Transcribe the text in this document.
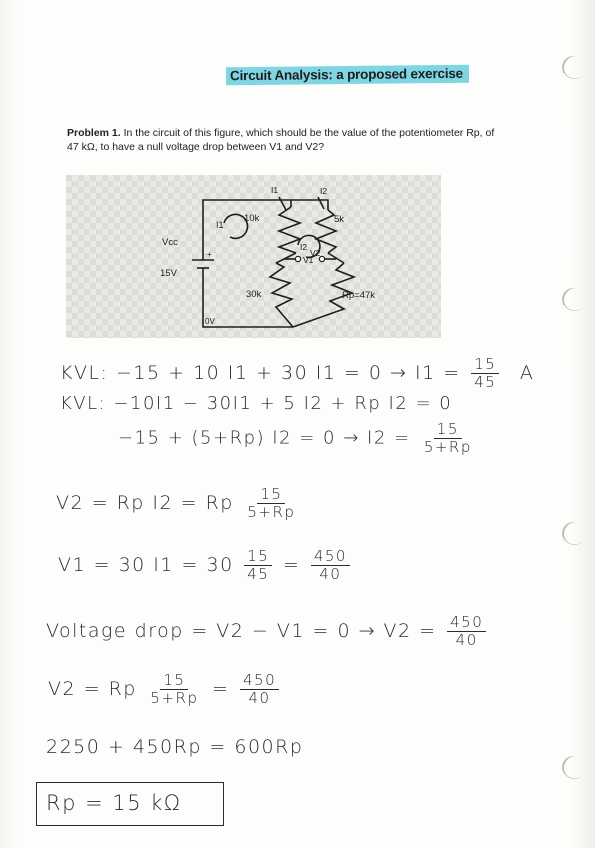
Circuit Analysis: a proposed exercise
Problem 1. In the circuit of this figure, which should be the value of the potentiometer Rp, of 47 kΩ, to have a null voltage drop between V1 and V2?
10k	5k
30k	Rp=47k
Vcc
15V
0V
V1
V2
I1	I2
I1
I2
+
KVL: −15 + 10 I1 + 30 $I1 = 0 \to I1 = \frac{15}{45}$ A
KVL: −10I1 − 30I1 + 5 I2 + Rp I2 = 0
−15 + (5+Rp) $I2 = 0 \to I2 = \frac{15}{5+Rp}$
V2 = Rp I2 = Rp $\frac{15}{5+Rp}$
V1 = 30 $I1 = 30 \frac{15}{45} = \frac{450}{40}$
Voltage drop = $V2 - V1 = 0 \to V2 = \frac{450}{40}$
V2 = Rp $\frac{15}{5+Rp} = \frac{450}{40}$
2250 + 450Rp = 600Rp
Rp = 15 kΩ
